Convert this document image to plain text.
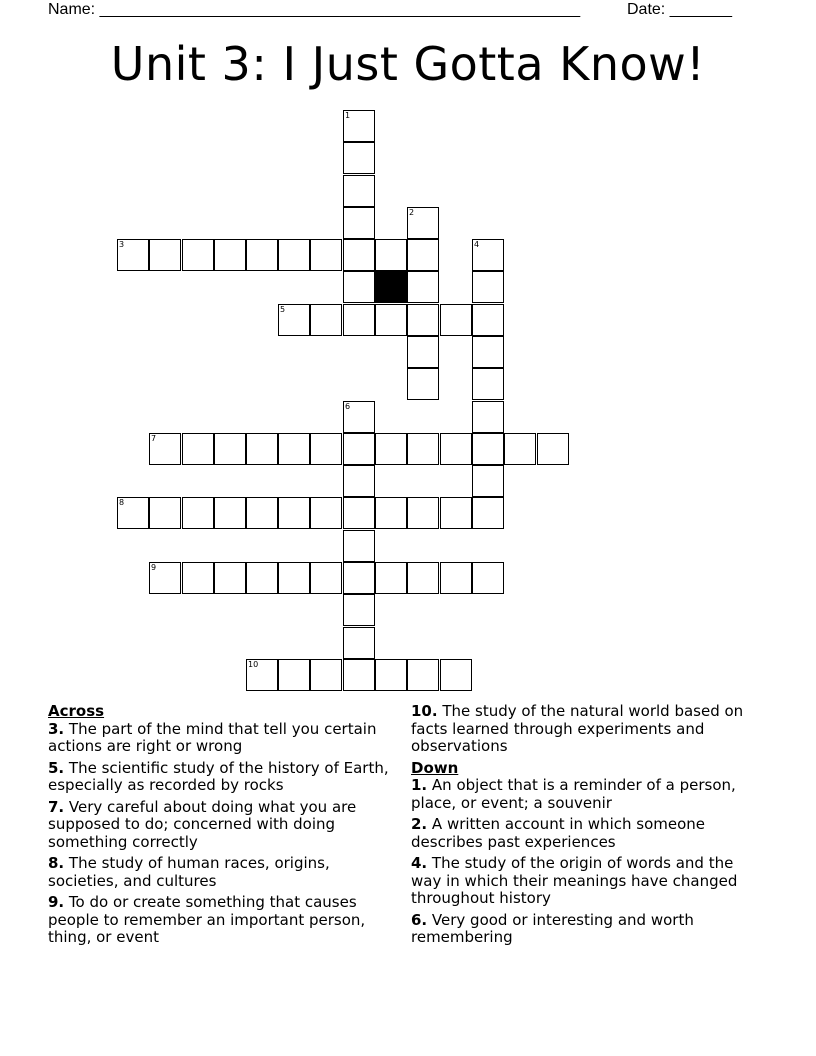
Name: ______________________________________________________	Date: _______
Unit 3: I Just Gotta Know!
1
2
3	4
5
6
7
8
9
10

Across

3. The part of the mind that tell you certain actions are right or wrong

5. The scientific study of the history of Earth, especially as recorded by rocks

7. Very careful about doing what you are supposed to do; concerned with doing something correctly

8. The study of human races, origins, societies, and cultures

9. To do or create something that causes people to remember an important person, thing, or event

10. The study of the natural world based on facts learned through experiments and observations

Down

1. An object that is a reminder of a person, place, or event; a souvenir

2. A written account in which someone describes past experiences

4. The study of the origin of words and the way in which their meanings have changed throughout history

6. Very good or interesting and worth remembering
